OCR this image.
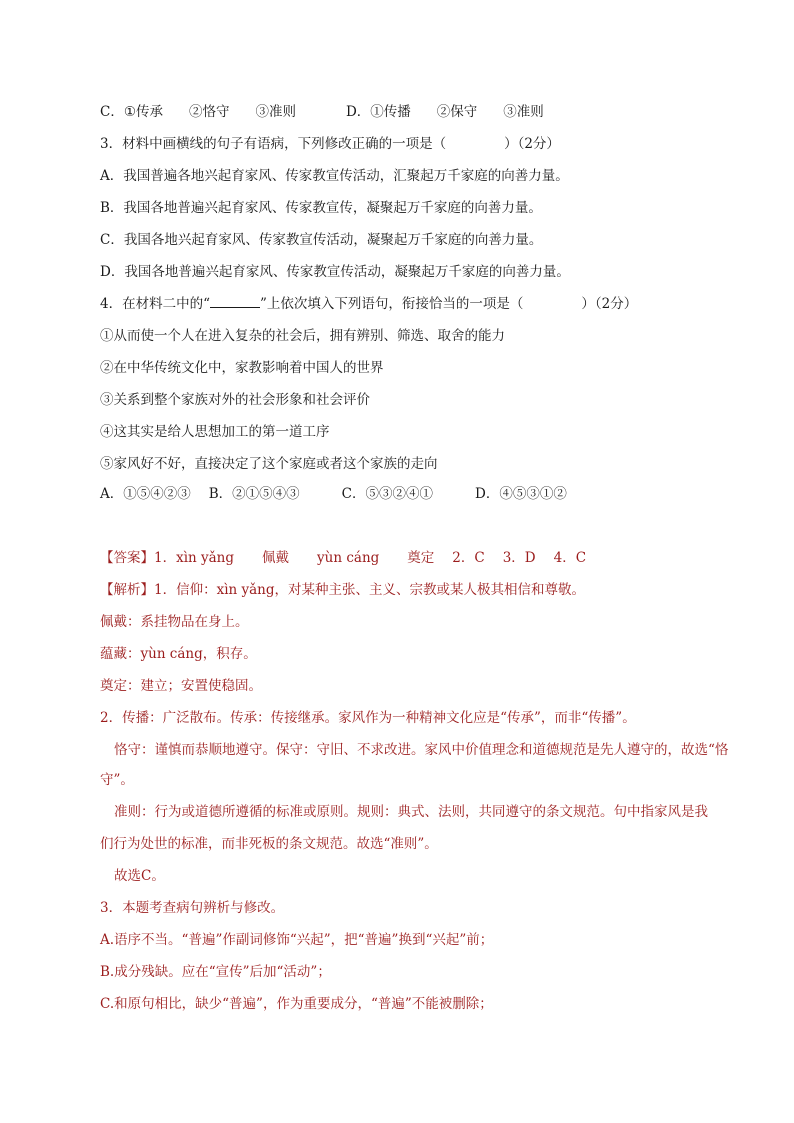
C．①传承 ②恪守 ③准则	D．①传播 ②保守 ③准则
3．材料中画横线的句子有语病，下列修改正确的一项是（	）（2分）
A．我国普遍各地兴起育家风、传家教宣传活动，汇聚起万千家庭的向善力量。
B．我国各地普遍兴起育家风、传家教宣传，凝聚起万千家庭的向善力量。
C．我国各地兴起育家风、传家教宣传活动，凝聚起万千家庭的向善力量。
D．我国各地普遍兴起育家风、传家教宣传活动，凝聚起万千家庭的向善力量。
4．在材料二中的“	”上依次填入下列语句，衔接恰当的一项是（	）（2分）
①从而使一个人在进入复杂的社会后，拥有辨别、筛选、取舍的能力
②在中华传统文化中，家教影响着中国人的世界
③关系到整个家族对外的社会形象和社会评价
④这其实是给人思想加工的第一道工序
⑤家风好不好，直接决定了这个家庭或者这个家族的走向
A．①⑤④②③ B．②①⑤④③	C．⑤③②④①	D．④⑤③①②
【答案】1．xìn yǎng 佩戴 yùn cáng 奠定 2．C 3．D 4．C
【解析】1．信仰：xìn yǎng，对某种主张、主义、宗教或某人极其相信和尊敬。
佩戴：系挂物品在身上。
蕴藏：yùn cáng，积存。
奠定：建立；安置使稳固。
2．传播：广泛散布。传承：传接继承。家风作为一种精神文化应是“传承”，而非“传播”。
恪守：谨慎而恭顺地遵守。保守：守旧、不求改进。家风中价值理念和道德规范是先人遵守的，故选“恪
守”。
准则：行为或道德所遵循的标准或原则。规则：典式、法则，共同遵守的条文规范。句中指家风是我
们行为处世的标准，而非死板的条文规范。故选“准则”。
故选C。
3．本题考查病句辨析与修改。
A.语序不当。“普遍”作副词修饰“兴起”，把“普遍”换到“兴起”前；
B.成分残缺。应在“宣传”后加“活动”；
C.和原句相比，缺少“普遍”，作为重要成分，“普遍”不能被删除；
